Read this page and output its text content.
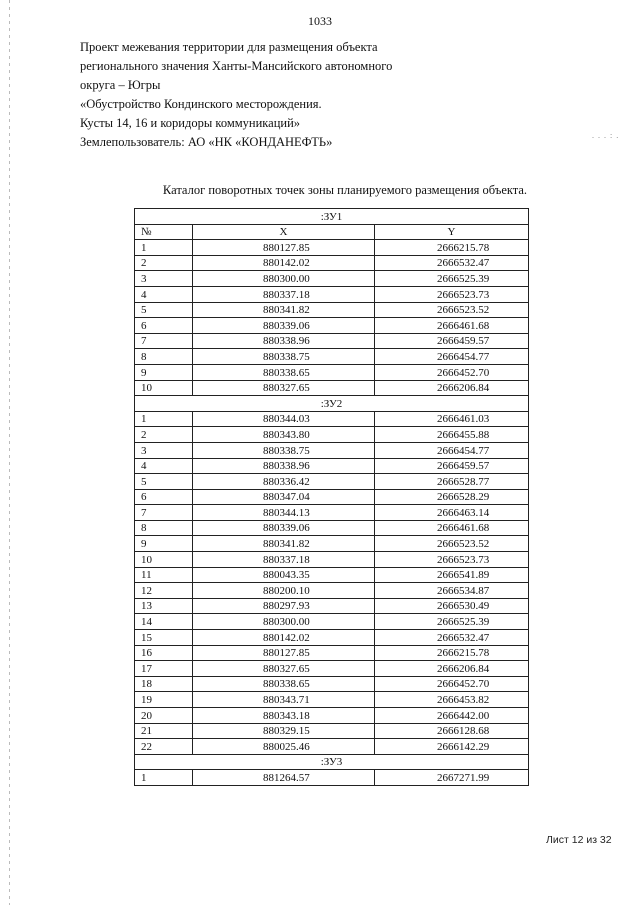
1033
Проект межевания территории для размещения объекта
регионального значения Ханты-Мансийского автономного
округа – Югры
«Обустройство Кондинского месторождения.
Кусты 14, 16 и коридоры коммуникаций»
Землепользователь: АО «НК «КОНДАНЕФТЬ»	. . . : .
Каталог поворотных точек зоны планируемого размещения объекта.
:ЗУ1		
№	X	Y
1	880127.85	2666215.78
2	880142.02	2666532.47
3	880300.00	2666525.39
4	880337.18	2666523.73
5	880341.82	2666523.52
6	880339.06	2666461.68
7	880338.96	2666459.57
8	880338.75	2666454.77
9	880338.65	2666452.70
10	880327.65	2666206.84
:ЗУ2		
1	880344.03	2666461.03
2	880343.80	2666455.88
3	880338.75	2666454.77
4	880338.96	2666459.57
5	880336.42	2666528.77
6	880347.04	2666528.29
7	880344.13	2666463.14
8	880339.06	2666461.68
9	880341.82	2666523.52
10	880337.18	2666523.73
11	880043.35	2666541.89
12	880200.10	2666534.87
13	880297.93	2666530.49
14	880300.00	2666525.39
15	880142.02	2666532.47
16	880127.85	2666215.78
17	880327.65	2666206.84
18	880338.65	2666452.70
19	880343.71	2666453.82
20	880343.18	2666442.00
21	880329.15	2666128.68
22	880025.46	2666142.29
:ЗУ3		
1	881264.57	2667271.99
Лист 12 из 32
